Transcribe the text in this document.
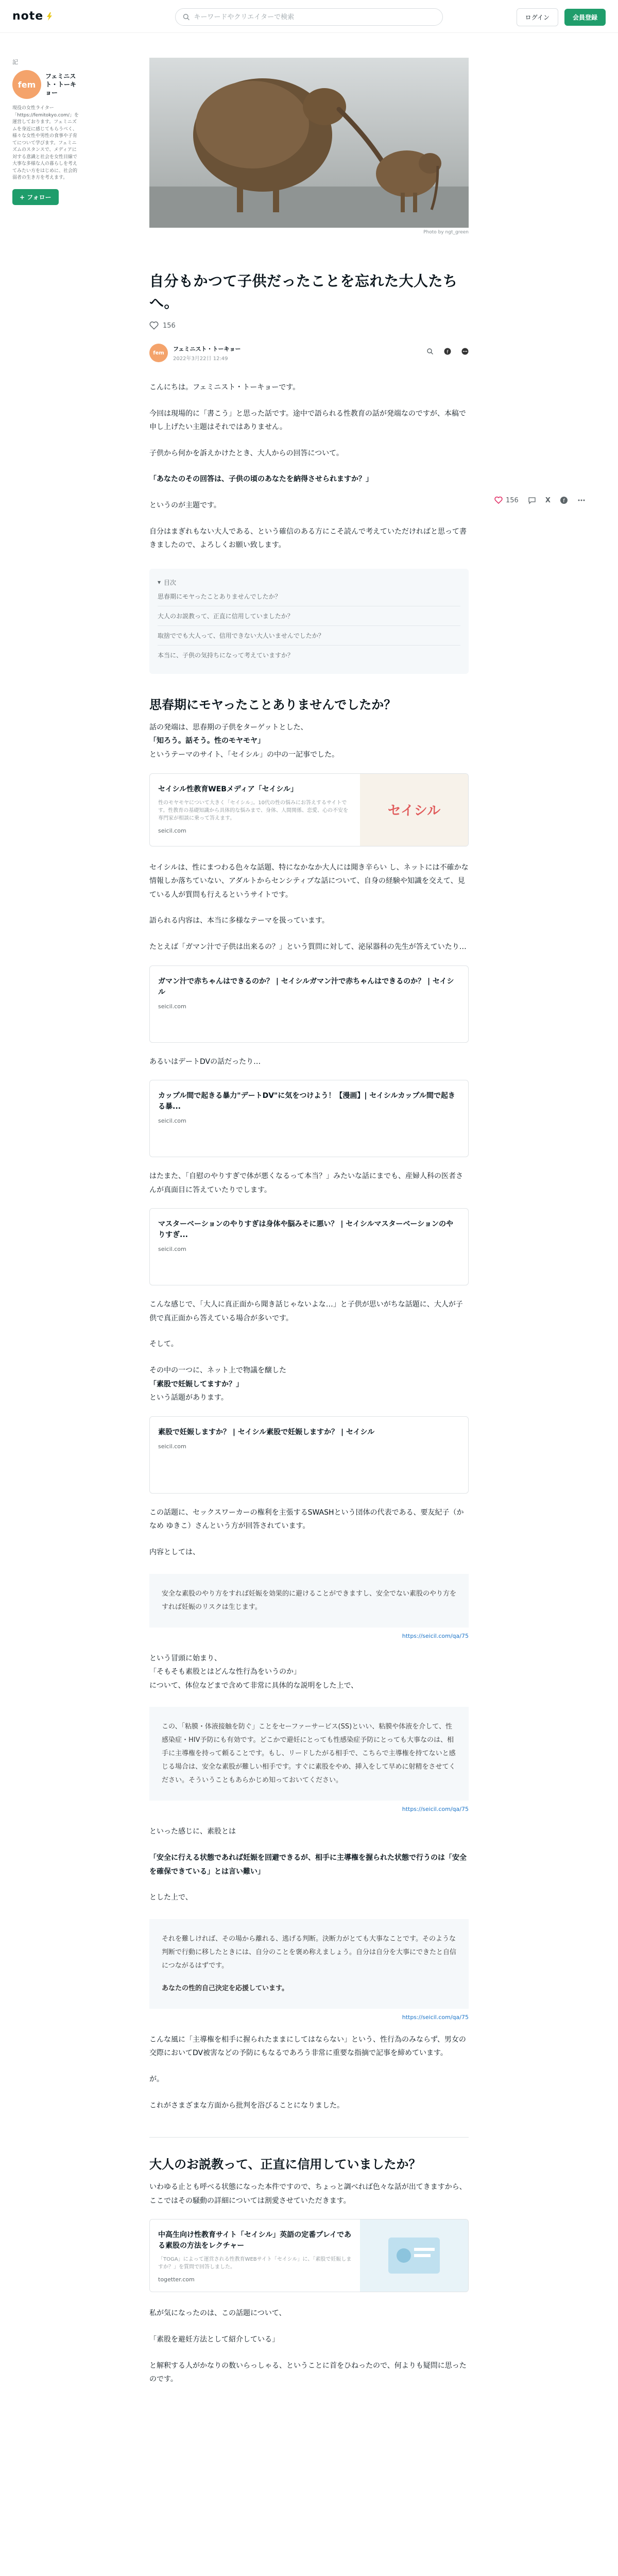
note
キーワードやクリエイターで検索	ログイン	会員登録
記
fem
フェミニスト・トーキョー
現役の女性ライター「https://femitokyo.com/」を運営しております。フェミニズムを身近に感じてもらうべく、様々な女性や男性の食事や子育てについて学びます。フェミニズムのスタンスで、メディアに対する意識と社会を女性目線で大事な多様な人の暮らしを考えてみたい方をはじめに、社会的弱者の生き方を考えます。
+ フォロー
Photo by ngt_green
156	X f
自分もかつて子供だったことを忘れた大人たちへ。
156
fem
フェミニスト・トーキョー
2022年3月22日 12:49
f

こんにちは。フェミニスト・トーキョーです。

今回は現場的に「書こう」と思った話です。途中で語られる性教育の話が発端なのですが、本稿で申し上げたい主題はそれではありません。

子供から何かを訴えかけたとき、大人からの回答について。

「あなたのその回答は、子供の頃のあなたを納得させられますか？」

というのが主題です。

自分はまぎれもない大人である、という確信のある方にこそ読んで考えていただければと思って書きましたので、よろしくお願い致します。

▾ 目次
思春期にモヤったことありませんでしたか？
大人のお説教って、正直に信用していましたか？
取捨ででも大人って、信用できない大人いませんでしたか？
本当に、子供の気持ちになって考えていますか？
思春期にモヤったことありませんでしたか？

話の発端は、思春期の子供をターゲットとした、

「知ろう。話そう。性のモヤモヤ」

というテーマのサイト、「セイシル」の中の一記事でした。

セイシル性教育WEBメディア「セイシル」
性のモヤモヤについて大きく「セイシル」。10代の性の悩みにお答えするサイトです。性教育の基礎知識から具体的な悩みまで、身体、人間関係、恋愛、心の不安を専門家が相談に乗って答えます。
seicil.com
セイシル

セイシルは、性にまつわる色々な話題、特になかなか大人には聞き辛らい し、ネットには不確かな情報しか落ちていない、アダルトからセンシティブな話について、自身の経験や知識を交えて、見ている人が質問も行えるというサイトです。

語られる内容は、本当に多様なテーマを扱っています。

たとえば「ガマン汁で子供は出来るの？」という質問に対して、泌尿器科の先生が答えていたり…

ガマン汁で赤ちゃんはできるのか？ | セイシルガマン汁で赤ちゃんはできるのか？ | セイシル
seicil.com

あるいはデートDVの話だったり…

カップル間で起きる暴力"デートDV"に気をつけよう！【漫画】| セイシルカップル間で起きる暴...
seicil.com

はたまた、「自慰のやりすぎで体が悪くなるって本当？」みたいな話にまでも、産婦人科の医者さんが真面目に答えていたりでします。

マスターベーションのやりすぎは身体や脳みそに悪い？ | セイシルマスターベーションのやりすぎ...
seicil.com

こんな感じで、「大人に真正面から聞き話じゃないよな…」と子供が思いがちな話題に、大人が子供で真正面から答えている場合が多いです。

そして。

その中の一つに、ネット上で物議を醸した

「素股で妊娠してますか？」

という話題があります。

素股で妊娠しますか？ | セイシル素股で妊娠しますか？ | セイシル
seicil.com

この話題に、セックスワーカーの権利を主張するSWASHという団体の代表である、要友紀子（かなめ ゆきこ）さんという方が回答されています。

内容としては、

安全な素股のやり方をすれば妊娠を効果的に避けることができますし、安全でない素股のやり方をすれば妊娠のリスクは生じます。
https://seicil.com/qa/75

という冒頭に始まり、

「そもそも素股とはどんな性行為をいうのか」

について、体位などまで含めて非常に具体的な説明をした上で、

この、「粘膜・体液接触を防ぐ」ことをセーファーサービス(SS)といい、粘膜や体液を介して、性感染症・HIV予防にも有効です。どこかで避妊にとっても性感染症予防にとっても大事なのは、相手に主導権を持って頼ることです。もし、リードしたがる相手で、こちらで主導権を持てないと感じる場合は、安全な素股が難しい相手です。すぐに素股をやめ、挿入をして早めに射精をさせてください。そういうこともあらかじめ知っておいてください。
https://seicil.com/qa/75

といった感じに、素股とは

「安全に行える状態であれば妊娠を回避できるが、相手に主導権を握られた状態で行うのは「安全を確保できている」とは言い難い」

とした上で、

それを難しければ、その場から離れる、逃げる判断。決断力がとても大事なことです。そのような判断で行動に移したときには、自分のことを褒め称えましょう。自分は自分を大事にできたと自信につながるはずです。
あなたの性的自己決定を応援しています。
https://seicil.com/qa/75

こんな風に「主導権を相手に握られたままにしてはならない」という、性行為のみならず、男女の交際においてDV被害などの予防にもなるであろう非常に重要な指摘で記事を締めています。

が。

これがさまざまな方面から批判を浴びることになりました。

大人のお説教って、正直に信用していましたか？

いわゆる止とも呼べる状態になった本件ですので、ちょっと調べれば色々な話が出てきますから、ここではその騒動の詳細については割愛させていただきます。

中高生向け性教育サイト「セイシル」英語の定番プレイである素股の方法をレクチャー
「TOGA」によって運営される性教育WEBサイト「セイシル」に、「素股で妊娠しますか？」を質問で回答しました。
togetter.com

私が気になったのは、この話題について、

「素股を避妊方法として紹介している」

と解釈する人がかなりの数いらっしゃる、ということに首をひねったので、何よりも疑問に思ったのです。
